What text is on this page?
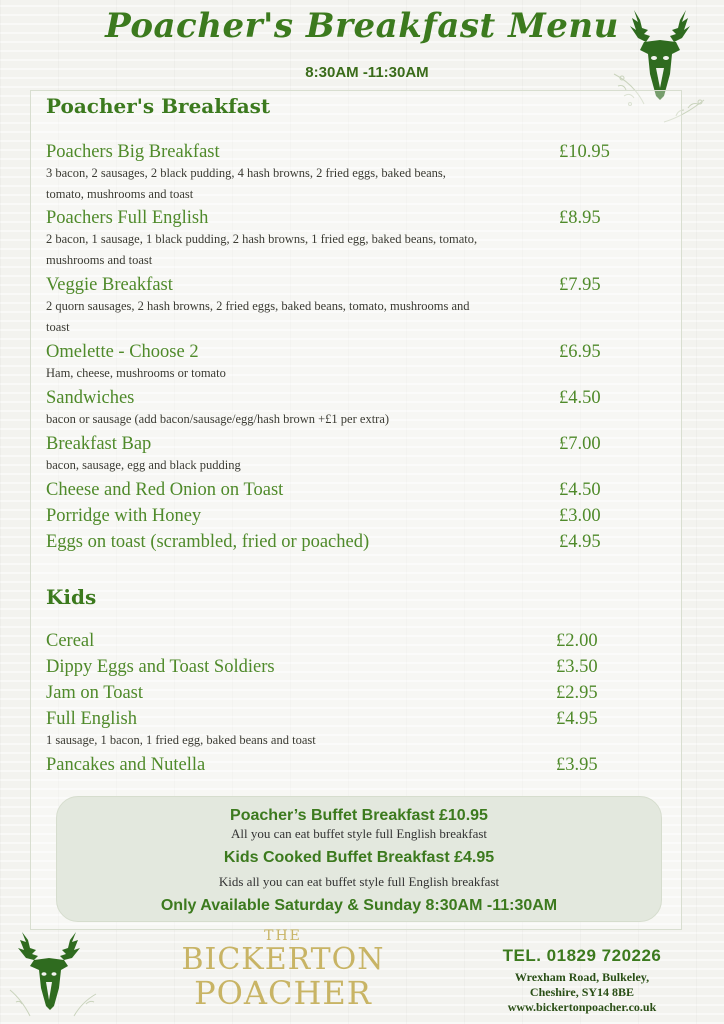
Poacher's Breakfast Menu
8:30AM -11:30AM
Poacher's Breakfast
Poachers Big Breakfast	£10.95
3 bacon, 2 sausages, 2 black pudding, 4 hash browns, 2 fried eggs, baked beans, tomato, mushrooms and toast
Poachers Full English	£8.95
2 bacon, 1 sausage, 1 black pudding, 2 hash browns, 1 fried egg, baked beans, tomato, mushrooms and toast
Veggie Breakfast	£7.95
2 quorn sausages, 2 hash browns, 2 fried eggs, baked beans, tomato, mushrooms and toast
Omelette - Choose 2	£6.95
Ham, cheese, mushrooms or tomato
Sandwiches	£4.50
bacon or sausage (add bacon/sausage/egg/hash brown +£1 per extra)
Breakfast Bap	£7.00
bacon, sausage, egg and black pudding
Cheese and Red Onion on Toast	£4.50
Porridge with Honey	£3.00
Eggs on toast (scrambled, fried or poached)	£4.95
Kids
Cereal	£2.00
Dippy Eggs and Toast Soldiers	£3.50
Jam on Toast	£2.95
Full English	£4.95
1 sausage, 1 bacon, 1 fried egg, baked beans and toast
Pancakes and Nutella	£3.95
Poacher’s Buffet Breakfast £10.95
All you can eat buffet style full English breakfast
Kids Cooked Buffet Breakfast £4.95
Kids all you can eat buffet style full English breakfast
Only Available Saturday & Sunday 8:30AM -11:30AM
THE
BICKERTON
POACHER
TEL. 01829 720226
Wrexham Road, Bulkeley,
Cheshire, SY14 8BE
www.bickertonpoacher.co.uk
